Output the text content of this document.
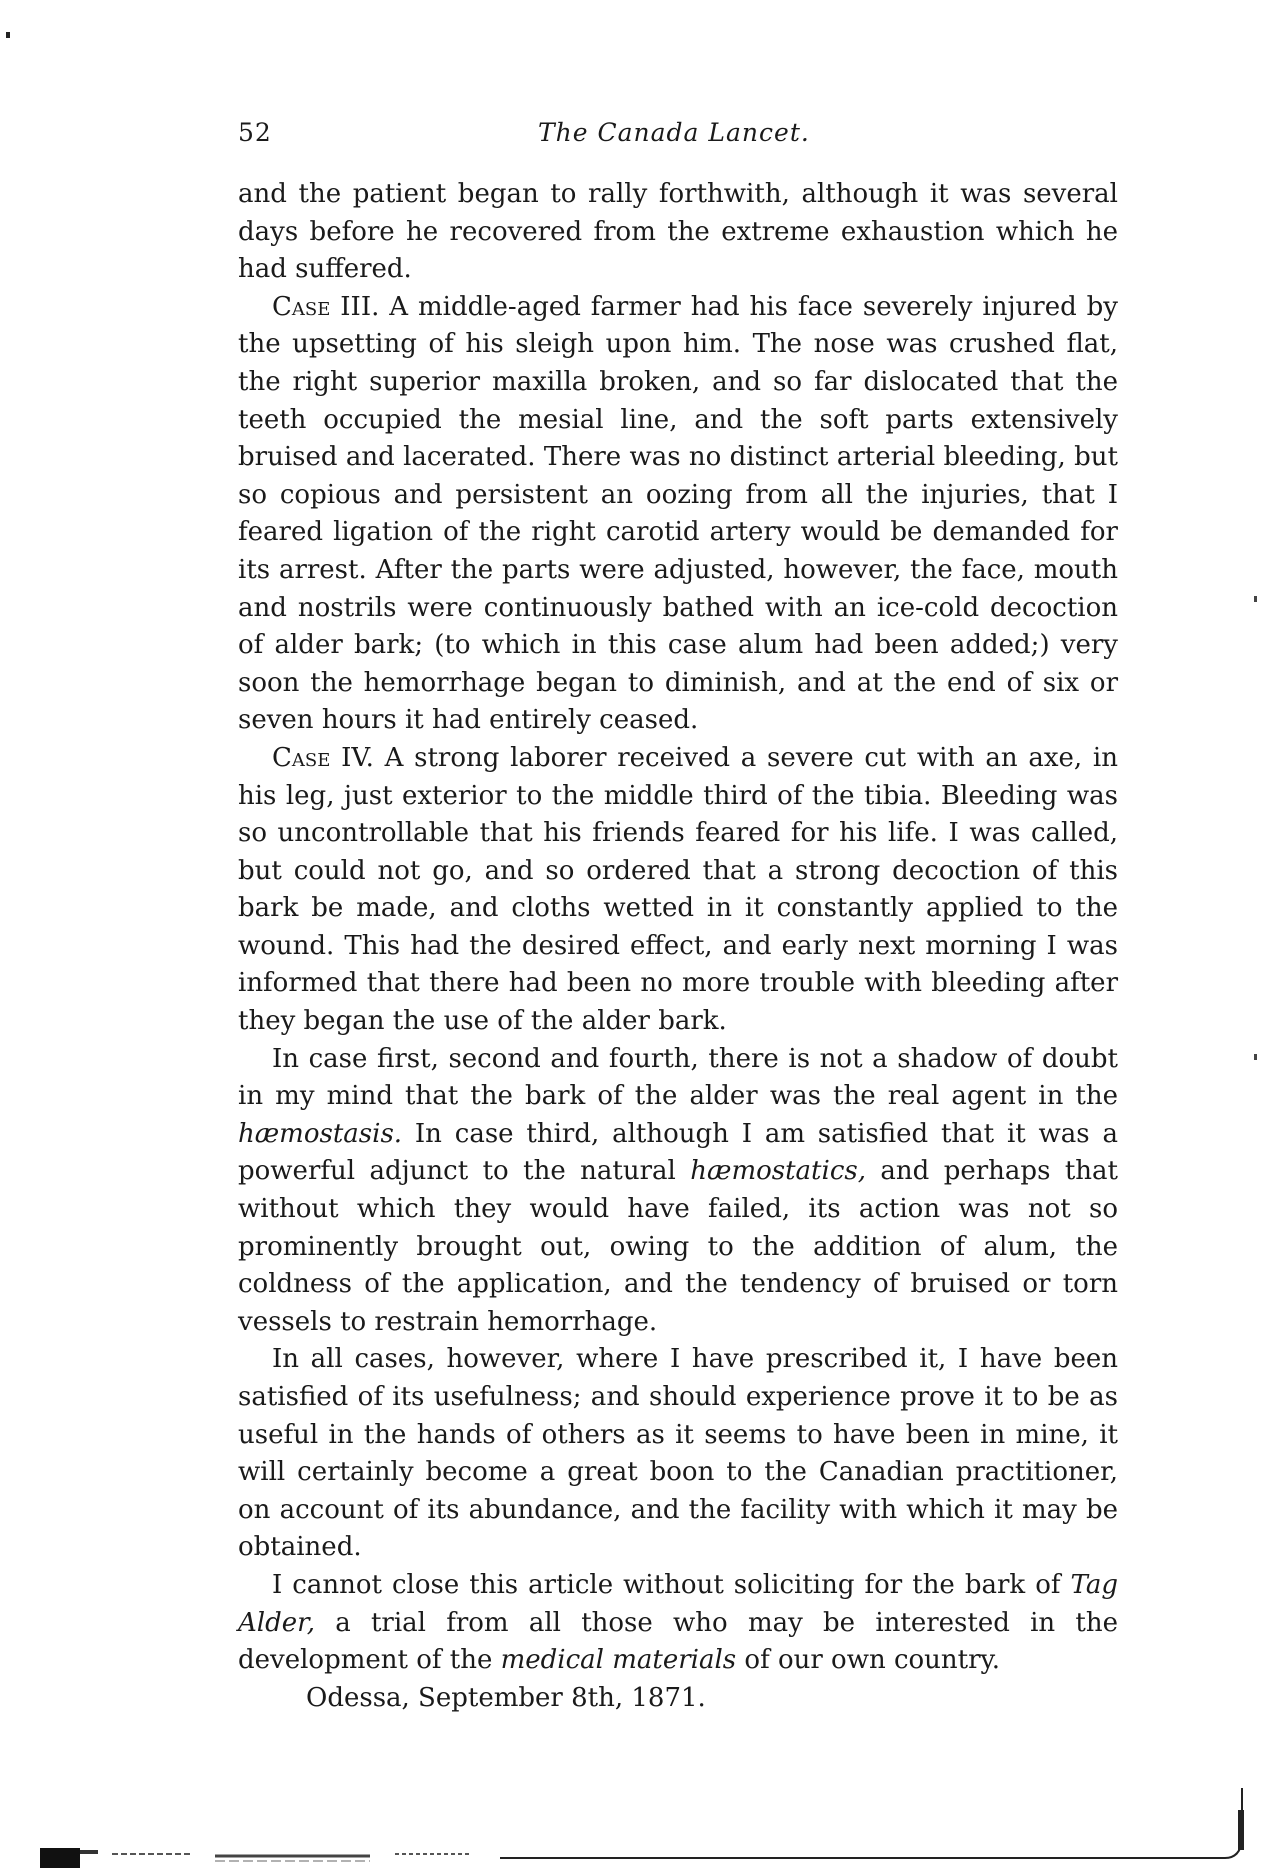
52	The Canada Lancet.

and the patient began to rally forthwith, although it was several days before he recovered from the extreme exhaustion which he had suffered.

Case III. A middle-aged farmer had his face severely injured by the upsetting of his sleigh upon him. The nose was crushed flat, the right superior maxilla broken, and so far dislocated that the teeth occupied the mesial line, and the soft parts extensively bruised and lacerated. There was no distinct arterial bleeding, but so copious and persistent an oozing from all the injuries, that I feared ligation of the right carotid artery would be demanded for its arrest. After the parts were adjusted, however, the face, mouth and nostrils were continuously bathed with an ice-cold decoction of alder bark; (to which in this case alum had been added;) very soon the hemorrhage began to diminish, and at the end of six or seven hours it had entirely ceased.

Case IV. A strong laborer received a severe cut with an axe, in his leg, just exterior to the middle third of the tibia. Bleeding was so uncontrollable that his friends feared for his life. I was called, but could not go, and so ordered that a strong decoction of this bark be made, and cloths wetted in it constantly applied to the wound. This had the desired effect, and early next morning I was informed that there had been no more trouble with bleeding after they began the use of the alder bark.

In case first, second and fourth, there is not a shadow of doubt in my mind that the bark of the alder was the real agent in the hæmostasis. In case third, although I am satisfied that it was a powerful adjunct to the natural hæmostatics, and perhaps that without which they would have failed, its action was not so prominently brought out, owing to the addition of alum, the coldness of the application, and the tendency of bruised or torn vessels to restrain hemorrhage.

In all cases, however, where I have prescribed it, I have been satisfied of its usefulness; and should experience prove it to be as useful in the hands of others as it seems to have been in mine, it will certainly become a great boon to the Canadian practitioner, on account of its abundance, and the facility with which it may be obtained.

I cannot close this article without soliciting for the bark of Tag Alder, a trial from all those who may be interested in the development of the medical materials of our own country.

Odessa, September 8th, 1871.
